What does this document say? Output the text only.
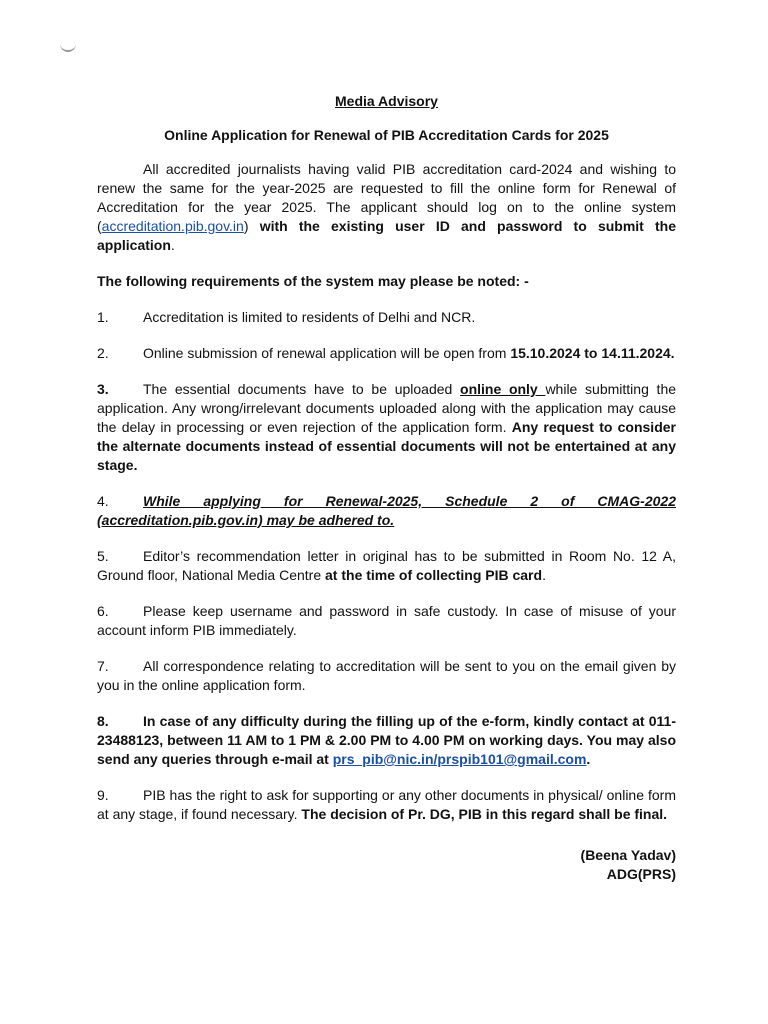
Media Advisory
Online Application for Renewal of PIB Accreditation Cards for 2025

All accredited journalists having valid PIB accreditation card-2024 and wishing to renew the same for the year-2025 are requested to fill the online form for Renewal of Accreditation for the year 2025. The applicant should log on to the online system (accreditation.pib.gov.in) with the existing user ID and password to submit the application.

The following requirements of the system may please be noted: -

1. Accreditation is limited to residents of Delhi and NCR.

2. Online submission of renewal application will be open from 15.10.2024 to 14.11.2024.

3. The essential documents have to be uploaded online only while submitting the application. Any wrong/irrelevant documents uploaded along with the application may cause the delay in processing or even rejection of the application form. Any request to consider the alternate documents instead of essential documents will not be entertained at any stage.

4. While applying for Renewal-2025, Schedule 2 of CMAG-2022 (accreditation.pib.gov.in) may be adhered to.

5. Editor’s recommendation letter in original has to be submitted in Room No. 12 A, Ground floor, National Media Centre at the time of collecting PIB card.

6. Please keep username and password in safe custody. In case of misuse of your account inform PIB immediately.

7. All correspondence relating to accreditation will be sent to you on the email given by you in the online application form.

8. In case of any difficulty during the filling up of the e-form, kindly contact at 011-23488123, between 11 AM to 1 PM & 2.00 PM to 4.00 PM on working days. You may also send any queries through e-mail at prs_pib@nic.in/prspib101@gmail.com.

9. PIB has the right to ask for supporting or any other documents in physical/ online form at any stage, if found necessary. The decision of Pr. DG, PIB in this regard shall be final.

(Beena Yadav)
ADG(PRS)
